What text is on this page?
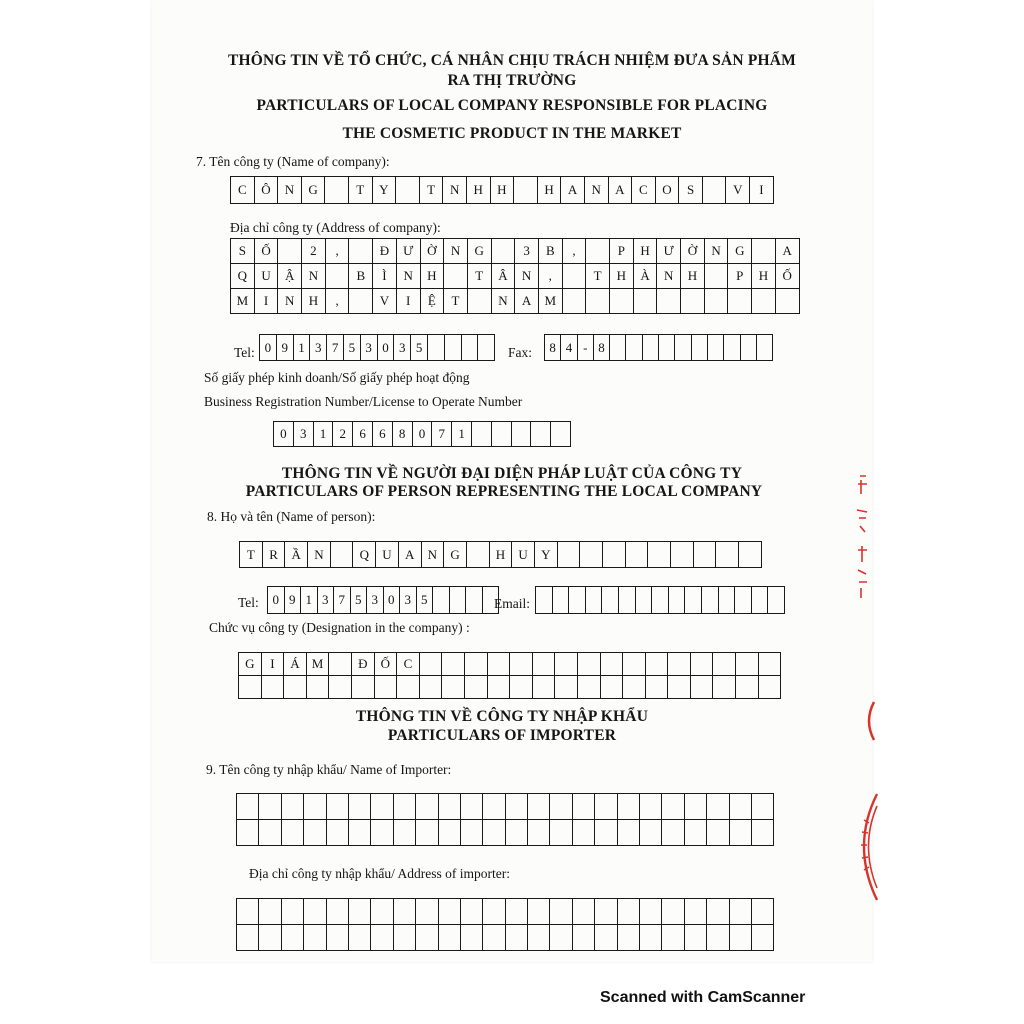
THÔNG TIN VỀ TỔ CHỨC, CÁ NHÂN CHỊU TRÁCH NHIỆM ĐƯA SẢN PHẨM
RA THỊ TRƯỜNG
PARTICULARS OF LOCAL COMPANY RESPONSIBLE FOR PLACING
THE COSMETIC PRODUCT IN THE MARKET
7. Tên công ty (Name of company):
C	Ô	N	G	T	Y	T	N	H	H	H	A	N	A	C	O	S	V	I
Địa chỉ công ty (Address of company):
S	Ố	2	,	Đ	Ư	Ờ	N	G	3	B	,	P	H	Ư	Ờ	N	G	A
Q	U	Ậ	N	B	Ì	N	H	T	Â	N	,	T	H	À	N	H	P	H	Ố
M	I	N	H	,	V	I	Ệ	T	N	A	M
Tel: 0 9 1 3 7 5 3 0 3 5	Fax:	8 4 - 8
Số giấy phép kinh doanh/Số giấy phép hoạt động
Business Registration Number/License to Operate Number
0	3	1	2	6	6	8	0	7	1
THÔNG TIN VỀ NGƯỜI ĐẠI DIỆN PHÁP LUẬT CỦA CÔNG TY
PARTICULARS OF PERSON REPRESENTING THE LOCAL COMPANY
8. Họ và tên (Name of person):
T	R	Ầ	N	Q	U	A	N	G	H	U	Y
Tel:	0 9 1 3 7 5 3 0 3 5	Email:
Chức vụ công ty (Designation in the company) :
G	I	Á M	Đ	Ố	C
THÔNG TIN VỀ CÔNG TY NHẬP KHẨU
PARTICULARS OF IMPORTER
9. Tên công ty nhập khẩu/ Name of Importer:
Địa chỉ công ty nhập khẩu/ Address of importer:
Scanned with CamScanner
